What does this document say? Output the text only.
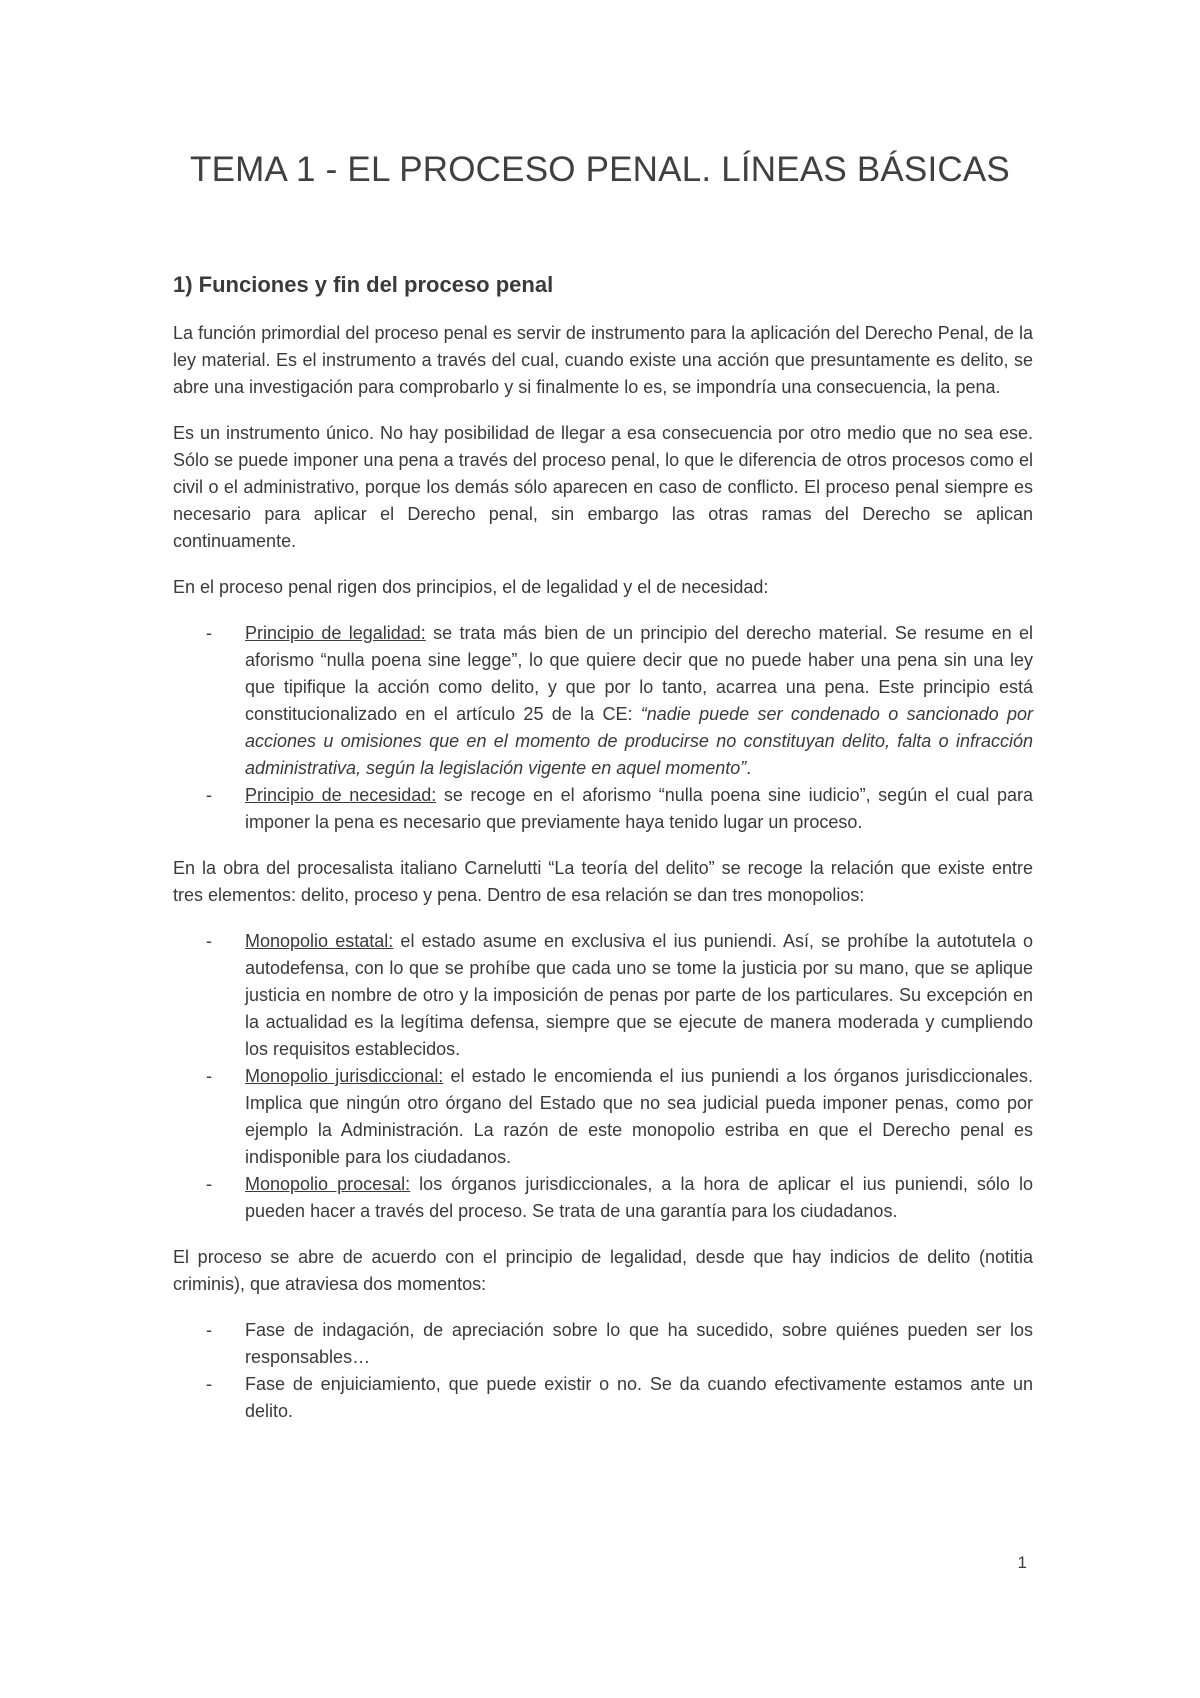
TEMA 1 - EL PROCESO PENAL. LÍNEAS BÁSICAS
1) Funciones y fin del proceso penal

La función primordial del proceso penal es servir de instrumento para la aplicación del Derecho Penal, de la ley material. Es el instrumento a través del cual, cuando existe una acción que presuntamente es delito, se abre una investigación para comprobarlo y si finalmente lo es, se impondría una consecuencia, la pena.

Es un instrumento único. No hay posibilidad de llegar a esa consecuencia por otro medio que no sea ese. Sólo se puede imponer una pena a través del proceso penal, lo que le diferencia de otros procesos como el civil o el administrativo, porque los demás sólo aparecen en caso de conflicto. El proceso penal siempre es necesario para aplicar el Derecho penal, sin embargo las otras ramas del Derecho se aplican continuamente.

En el proceso penal rigen dos principios, el de legalidad y el de necesidad:

- Principio de legalidad: se trata más bien de un principio del derecho material. Se resume en el aforismo “nulla poena sine legge”, lo que quiere decir que no puede haber una pena sin una ley que tipifique la acción como delito, y que por lo tanto, acarrea una pena. Este principio está constitucionalizado en el artículo 25 de la CE: “nadie puede ser condenado o sancionado por acciones u omisiones que en el momento de producirse no constituyan delito, falta o infracción administrativa, según la legislación vigente en aquel momento”.
- Principio de necesidad: se recoge en el aforismo “nulla poena sine iudicio”, según el cual para imponer la pena es necesario que previamente haya tenido lugar un proceso.

En la obra del procesalista italiano Carnelutti “La teoría del delito” se recoge la relación que existe entre tres elementos: delito, proceso y pena. Dentro de esa relación se dan tres monopolios:

- Monopolio estatal: el estado asume en exclusiva el ius puniendi. Así, se prohíbe la autotutela o autodefensa, con lo que se prohíbe que cada uno se tome la justicia por su mano, que se aplique justicia en nombre de otro y la imposición de penas por parte de los particulares. Su excepción en la actualidad es la legítima defensa, siempre que se ejecute de manera moderada y cumpliendo los requisitos establecidos.
- Monopolio jurisdiccional: el estado le encomienda el ius puniendi a los órganos jurisdiccionales. Implica que ningún otro órgano del Estado que no sea judicial pueda imponer penas, como por ejemplo la Administración. La razón de este monopolio estriba en que el Derecho penal es indisponible para los ciudadanos.
- Monopolio procesal: los órganos jurisdiccionales, a la hora de aplicar el ius puniendi, sólo lo pueden hacer a través del proceso. Se trata de una garantía para los ciudadanos.

El proceso se abre de acuerdo con el principio de legalidad, desde que hay indicios de delito (notitia criminis), que atraviesa dos momentos:

- Fase de indagación, de apreciación sobre lo que ha sucedido, sobre quiénes pueden ser los responsables…
- Fase de enjuiciamiento, que puede existir o no. Se da cuando efectivamente estamos ante un delito.
1
